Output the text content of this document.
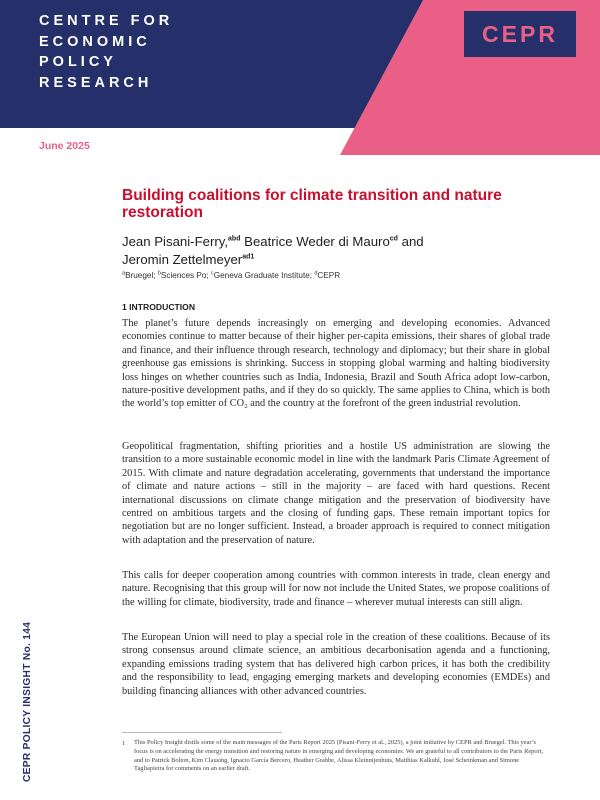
CENTRE FOR
ECONOMIC
POLICY
RESEARCH
CEPR

June 2025

Building coalitions for climate transition and nature restoration

Jean Pisani-Ferry,$^{abd}$ Beatrice Weder di Mauro$^{cd}$ and
Jeromin Zettelmeyer$^{ad1}$

$^a$Bruegel; $^b$Sciences Po; $^c$Geneva Graduate Institute; $^d$CEPR

1 INTRODUCTION

The planet’s future depends increasingly on emerging and developing economies. Advanced economies continue to matter because of their higher per-capita emissions, their shares of global trade and finance, and their influence through research, technology and diplomacy; but their share in global greenhouse gas emissions is shrinking. Success in stopping global warming and halting biodiversity loss hinges on whether countries such as India, Indonesia, Brazil and South Africa adopt low-carbon, nature-positive development paths, and if they do so quickly. The same applies to China, which is both the world’s top emitter of CO₂ and the country at the forefront of the green industrial revolution.

Geopolitical fragmentation, shifting priorities and a hostile US administration are slowing the transition to a more sustainable economic model in line with the landmark Paris Climate Agreement of 2015. With climate and nature degradation accelerating, governments that understand the importance of climate and nature actions – still in the majority – are faced with hard questions. Recent international discussions on climate change mitigation and the preservation of biodiversity have centred on ambitious targets and the closing of funding gaps. These remain important topics for negotiation but are no longer sufficient. Instead, a broader approach is required to connect mitigation with adaptation and the preservation of nature.

This calls for deeper cooperation among countries with common interests in trade, clean energy and nature. Recognising that this group will for now not include the United States, we propose coalitions of the willing for climate, biodiversity, trade and finance – wherever mutual interests can still align.

The European Union will need to play a special role in the creation of these coalitions. Because of its strong consensus around climate science, an ambitious decarbonisation agenda and a functioning, expanding emissions trading system that has delivered high carbon prices, it has both the credibility and the responsibility to lead, engaging emerging markets and developing economies (EMDEs) and building financing alliances with other advanced countries.

1 This Policy Insight distils some of the main messages of the Paris Report 2025 (Pisani-Ferry et al., 2025), a joint initiative by CEPR and Bruegel. This year’s focus is on accelerating the energy transition and restoring nature in emerging and developing economies. We are grateful to all contributors to the Paris Report, and to Patrick Bolton, Kim Clausing, Ignacio García Bercero, Heather Grabbe, Alissa Kleinnijenhuis, Matthias Kalkuhl, José Scheinkman and Simone Tagliapietra for comments on an earlier draft.

CEPR POLICY INSIGHT No. 144
